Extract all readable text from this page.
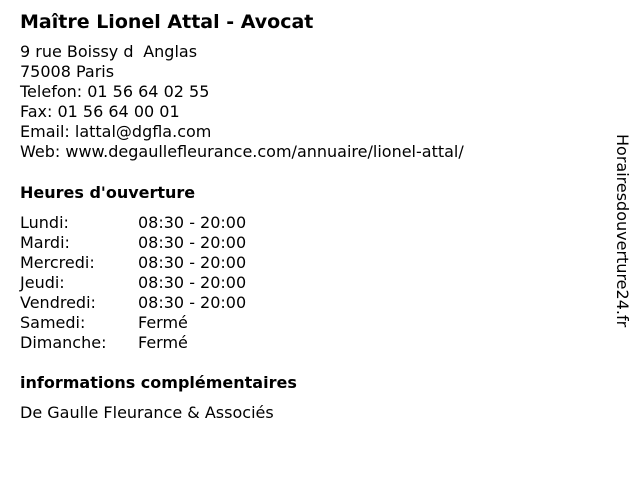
Maître Lionel Attal - Avocat
9 rue Boissy dAnglas
75008 Paris
Telefon: 01 56 64 02 55
Fax: 01 56 64 00 01
Email: lattal@dgfla.com
Web: www.degaullefleurance.com/annuaire/lionel-attal/
Heures d'ouverture
Lundi:	08:30 - 20:00
Mardi:	08:30 - 20:00
Mercredi:	08:30 - 20:00
Jeudi:	08:30 - 20:00
Vendredi:	08:30 - 20:00
Samedi:	Fermé
Dimanche:	Fermé
informations complémentaires
De Gaulle Fleurance & Associés
Horairesdouverture24.fr
